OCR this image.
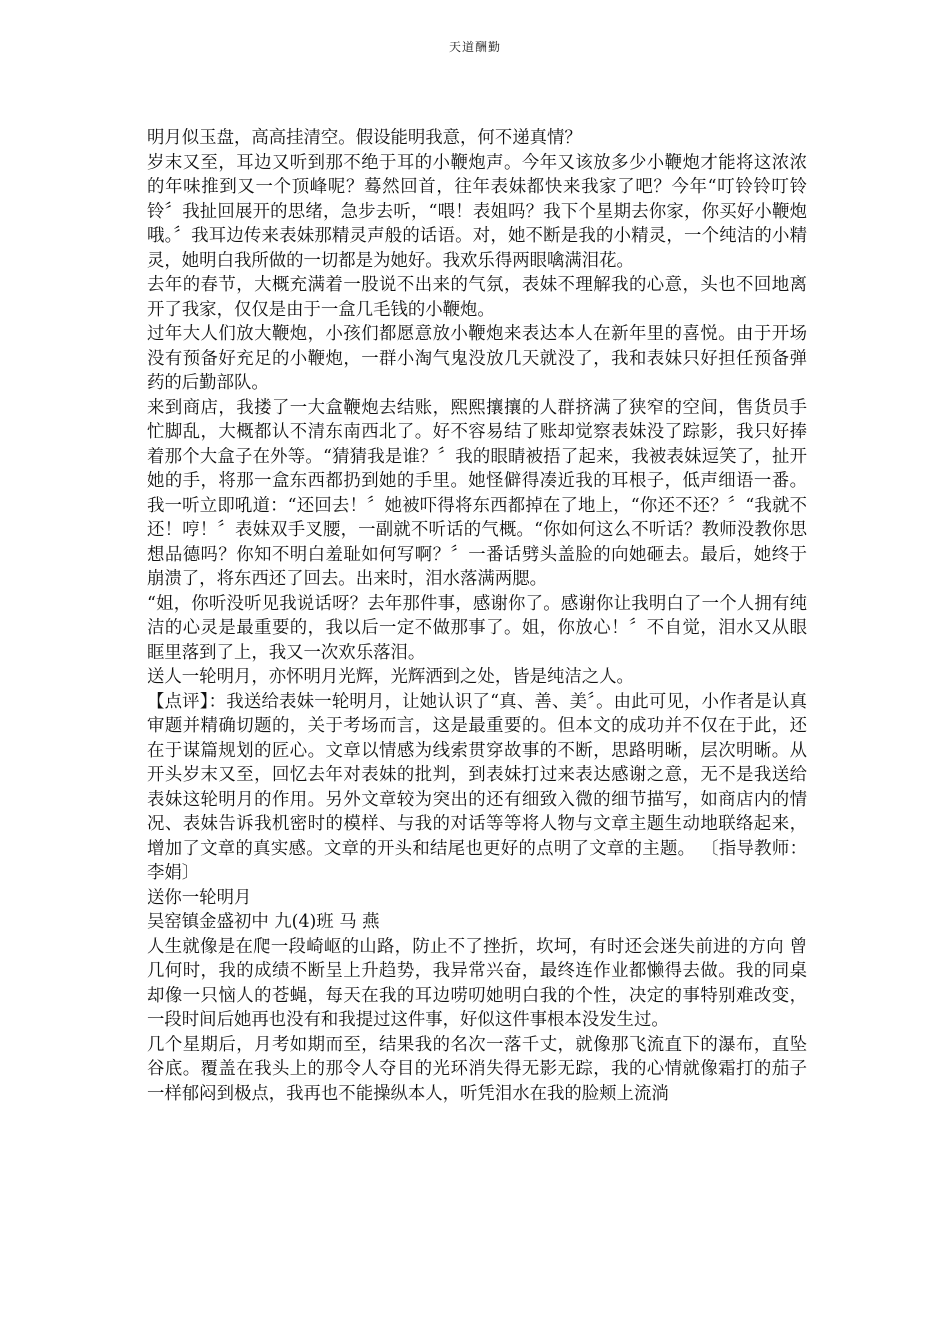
天道酬勤

明月似玉盘，高高挂清空。假设能明我意，何不递真情？

岁末又至，耳边又听到那不绝于耳的小鞭炮声。今年又该放多少小鞭炮才能将这浓浓的年味推到又一个顶峰呢？蓦然回首，往年表妹都快来我家了吧？今年“叮铃铃叮铃铃〞我扯回展开的思绪，急步去听，“喂！表姐吗？我下个星期去你家，你买好小鞭炮哦。〞我耳边传来表妹那精灵声般的话语。对，她不断是我的小精灵，一个纯洁的小精灵，她明白我所做的一切都是为她好。我欢乐得两眼噙满泪花。

去年的春节，大概充满着一股说不出来的气氛，表妹不理解我的心意，头也不回地离开了我家，仅仅是由于一盒几毛钱的小鞭炮。

过年大人们放大鞭炮，小孩们都愿意放小鞭炮来表达本人在新年里的喜悦。由于开场没有预备好充足的小鞭炮，一群小淘气鬼没放几天就没了，我和表妹只好担任预备弹药的后勤部队。

来到商店，我搂了一大盒鞭炮去结账，熙熙攘攘的人群挤满了狭窄的空间，售货员手忙脚乱，大概都认不清东南西北了。好不容易结了账却觉察表妹没了踪影，我只好捧着那个大盒子在外等。“猜猜我是谁？〞我的眼睛被捂了起来，我被表妹逗笑了，扯开她的手，将那一盒东西都扔到她的手里。她怪僻得凑近我的耳根子，低声细语一番。我一听立即吼道：“还回去！〞她被吓得将东西都掉在了地上，“你还不还？〞“我就不还！哼！〞表妹双手叉腰，一副就不听话的气概。“你如何这么不听话？教师没教你思想品德吗？你知不明白羞耻如何写啊？〞一番话劈头盖脸的向她砸去。最后，她终于崩溃了，将东西还了回去。出来时，泪水落满两腮。

“姐，你听没听见我说话呀？去年那件事，感谢你了。感谢你让我明白了一个人拥有纯洁的心灵是最重要的，我以后一定不做那事了。姐，你放心！〞不自觉，泪水又从眼眶里落到了上，我又一次欢乐落泪。

送人一轮明月，亦怀明月光辉，光辉洒到之处，皆是纯洁之人。

【点评】：我送给表妹一轮明月，让她认识了“真、善、美〞。由此可见，小作者是认真审题并精确切题的，关于考场而言，这是最重要的。但本文的成功并不仅在于此，还在于谋篇规划的匠心。文章以情感为线索贯穿故事的不断，思路明晰，层次明晰。从开头岁末又至，回忆去年对表妹的批判，到表妹打过来表达感谢之意，无不是我送给表妹这轮明月的作用。另外文章较为突出的还有细致入微的细节描写，如商店内的情况、表妹告诉我机密时的模样、与我的对话等等将人物与文章主题生动地联络起来，增加了文章的真实感。文章的开头和结尾也更好的点明了文章的主题。 〔指导教师：李娟〕

送你一轮明月

吴窑镇金盛初中 九(4)班 马 燕

人生就像是在爬一段崎岖的山路，防止不了挫折，坎坷，有时还会迷失前进的方向 曾几何时，我的成绩不断呈上升趋势，我异常兴奋，最终连作业都懒得去做。我的同桌却像一只恼人的苍蝇，每天在我的耳边唠叨她明白我的个性，决定的事特别难改变，一段时间后她再也没有和我提过这件事，好似这件事根本没发生过。

几个星期后，月考如期而至，结果我的名次一落千丈，就像那飞流直下的瀑布，直坠谷底。覆盖在我头上的那令人夺目的光环消失得无影无踪，我的心情就像霜打的茄子一样郁闷到极点，我再也不能操纵本人，听凭泪水在我的脸颊上流淌
